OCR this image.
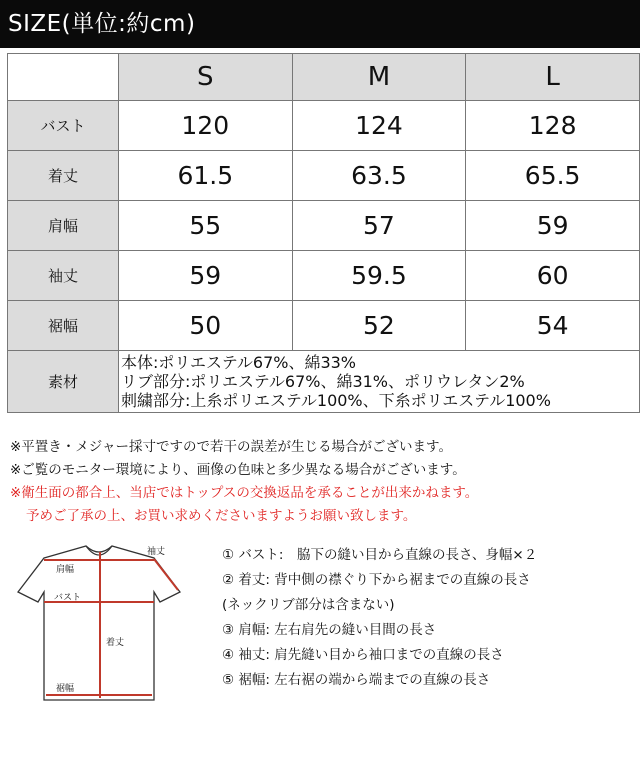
SIZE(単位:約cm)
	S	M	L
バスト	120	124	128
着丈	61.5	63.5	65.5
肩幅	55	57	59
袖丈	59	59.5	60
裾幅	50	52	54
素材	本体:ポリエステル67%、綿33%
リブ部分:ポリエステル67%、綿31%、ポリウレタン2%
刺繍部分:上糸ポリエステル100%、下糸ポリエステル100%		
※平置き・メジャー採寸ですので若干の誤差が生じる場合がございます。
※ご覧のモニター環境により、画像の色味と多少異なる場合がございます。
※衛生面の都合上、当店ではトップスの交換返品を承ることが出来かねます。
予めご了承の上、お買い求めくださいますようお願い致します。
袖丈
肩幅
バスト
着丈
裾幅
① バスト:　脇下の縫い目から直線の長さ、身幅×２
② 着丈: 背中側の襟ぐり下から裾までの直線の長さ
(ネックリブ部分は含まない)
③ 肩幅: 左右肩先の縫い目間の長さ
④ 袖丈: 肩先縫い目から袖口までの直線の長さ
⑤ 裾幅: 左右裾の端から端までの直線の長さ
